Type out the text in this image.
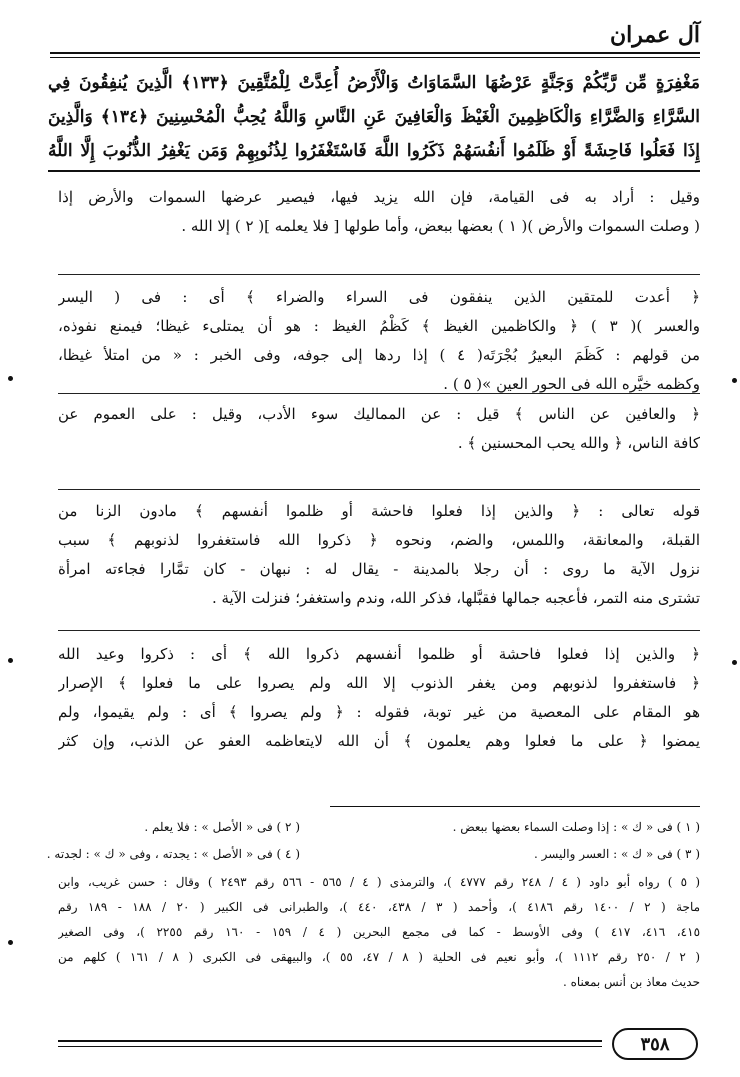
آل عمران
مَغْفِرَةٍ مِّن رَّبِّكُمْ وَجَنَّةٍ عَرْضُهَا السَّمَاوَاتُ وَالْأَرْضُ أُعِدَّتْ لِلْمُتَّقِينَ ﴿١٣٣﴾ الَّذِينَ يُنفِقُونَ فِي
السَّرَّاءِ وَالضَّرَّاءِ وَالْكَاظِمِينَ الْغَيْظَ وَالْعَافِينَ عَنِ النَّاسِ وَاللَّهُ يُحِبُّ الْمُحْسِنِينَ ﴿١٣٤﴾ وَالَّذِينَ
إِذَا فَعَلُوا فَاحِشَةً أَوْ ظَلَمُوا أَنفُسَهُمْ ذَكَرُوا اللَّهَ فَاسْتَغْفَرُوا لِذُنُوبِهِمْ وَمَن يَغْفِرُ الذُّنُوبَ إِلَّا اللَّهُ
وقيل : أراد به فى القيامة، فإن الله يزيد فيها، فيصير عرضها السموات والأرض إذا
( وصلت السموات والأرض )( ١ ) بعضها ببعض، وأما طولها [ فلا يعلمه ]( ٢ ) إلا الله .
﴿ أعدت للمتقين الذين ينفقون فى السراء والضراء ﴾ أى : فى ( اليسر
والعسر )( ٣ ) ﴿ والكاظمين الغيظ ﴾ كَظْمُ الغيظ : هو أن يمتلىء غيظا؛ فيمنع نفوذه،
من قولهم : كَظَمَ البعيرُ بُجْرَتَه( ٤ ) إذا ردها إلى جوفه، وفى الخبر : « من امتلأ غيظا،
وكظمه خيَّره الله فى الحور العين »( ٥ ) .
﴿ والعافين عن الناس ﴾ قيل : عن المماليك سوء الأدب، وقيل : على العموم عن
كافة الناس، ﴿ والله يحب المحسنين ﴾ .
قوله تعالى : ﴿ والذين إذا فعلوا فاحشة أو ظلموا أنفسهم ﴾ مادون الزنا من
القبلة، والمعانقة، واللمس، والضم، ونحوه ﴿ ذكروا الله فاستغفروا لذنوبهم ﴾ سبب
نزول الآية ما روى : أن رجلا بالمدينة - يقال له : نبهان - كان تمَّارا فجاءته امرأة
تشترى منه التمر، فأعجبه جمالها فقبَّلها، فذكر الله، وندم واستغفر؛ فنزلت الآية .
﴿ والذين إذا فعلوا فاحشة أو ظلموا أنفسهم ذكروا الله ﴾ أى : ذكروا وعيد الله
﴿ فاستغفروا لذنوبهم ومن يغفر الذنوب إلا الله ولم يصروا على ما فعلوا ﴾ الإصرار
هو المقام على المعصية من غير توبة، فقوله : ﴿ ولم يصروا ﴾ أى : ولم يقيموا، ولم
يمضوا ﴿ على ما فعلوا وهم يعلمون ﴾ أن الله لايتعاظمه العفو عن الذنب، وإن كثر
( ١ ) فى « ك » : إذا وصلت السماء بعضها ببعض .
( ٢ ) فى « الأصل » : فلا يعلم .
( ٣ ) فى « ك » : العسر واليسر .
( ٤ ) فى « الأصل » : يجدته ، وفى « ك » : لجدته .
( ٥ ) رواه أبو داود ( ٤ / ٢٤٨ رقم ٤٧٧٧ )، والترمذى ( ٤ / ٥٦٥ - ٥٦٦ رقم ٢٤٩٣ ) وقال : حسن غريب، وابن
ماجة ( ٢ / ١٤٠٠ رقم ٤١٨٦ )، وأحمد ( ٣ / ٤٣٨، ٤٤٠ )، والطبرانى فى الكبير ( ٢٠ / ١٨٨ - ١٨٩ رقم
٤١٥، ٤١٦، ٤١٧ ) وفى الأوسط - كما فى مجمع البحرين ( ٤ / ١٥٩ - ١٦٠ رقم ٢٢٥٥ )، وفى الصغير
( ٢ / ٢٥٠ رقم ١١١٢ )، وأبو نعيم فى الحلية ( ٨ / ٤٧، ٥٥ )، والبيهقى فى الكبرى ( ٨ / ١٦١ ) كلهم من
حديث معاذ بن أنس بمعناه .
٣٥٨
